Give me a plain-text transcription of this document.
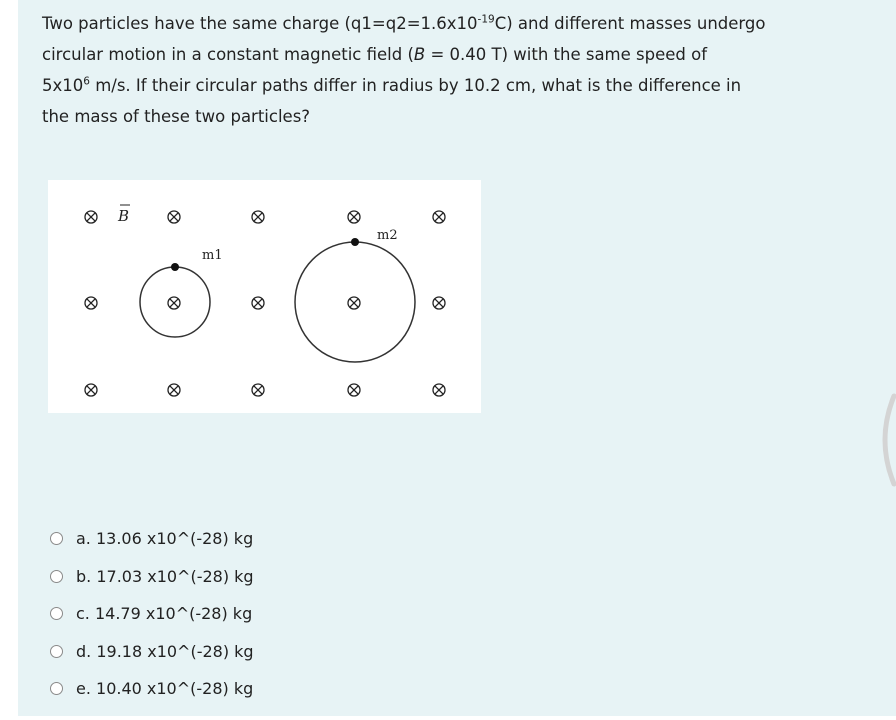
Two particles have the same charge $(q1=q2=1.6x10^{-19}C)$ and different masses undergo
circular motion in a constant magnetic field (B = 0.40 T) with the same speed of
$5x10^6$ m/s. If their circular paths differ in radius by 10.2 cm, what is the difference in
the mass of these two particles?
B
m1
m2
a. 13.06 x10^(-28) kg
b. 17.03 x10^(-28) kg
c. 14.79 x10^(-28) kg
d. 19.18 x10^(-28) kg
e. 10.40 x10^(-28) kg
